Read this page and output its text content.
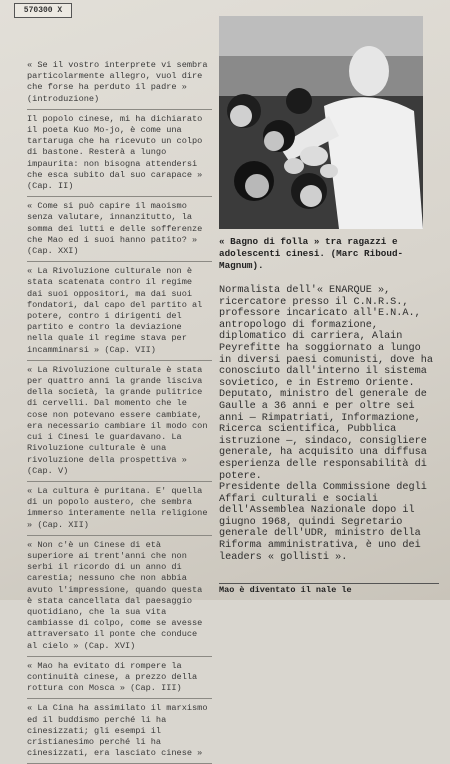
570300 X

« Se il vostro interprete vi sembra particolarmente allegro, vuol dire che forse ha perduto il padre » (introduzione)

Il popolo cinese, mi ha dichiarato il poeta Kuo Mo-jo, è come una tartaruga che ha ricevuto un colpo di bastone. Resterà a lungo impaurita: non bisogna attendersi che esca subito dal suo carapace » (Cap. II)

« Come si può capire il maoismo senza valutare, innanzitutto, la somma dei lutti e delle sofferenze che Mao ed i suoi hanno patito? » (Cap. XXI)

« La Rivoluzione culturale non è stata scatenata contro il regime dai suoi oppositori, ma dai suoi fondatori, dal capo del partito al potere, contro i dirigenti del partito e contro la deviazione nella quale il regime stava per incamminarsi » (Cap. VII)

« La Rivoluzione culturale è stata per quattro anni la grande lisciva della società, la grande pulitrice di cervelli. Dal momento che le cose non potevano essere cambiate, era necessario cambiare il modo con cui i Cinesi le guardavano. La Rivoluzione culturale è una rivoluzione della prospettiva » (Cap. V)

« La cultura è puritana. E' quella di un popolo austero, che sembra immerso interamente nella religione » (Cap. XII)

« Non c'è un Cinese di età superiore ai trent'anni che non serbi il ricordo di un anno di carestia; nessuno che non abbia avuto l'impressione, quando questa è stata cancellata dal paesaggio quotidiano, che la sua vita cambiasse di colpo, come se avesse attraversato il ponte che conduce al cielo » (Cap. XVI)

« Mao ha evitato di rompere la continuità cinese, a prezzo della rottura con Mosca » (Cap. III)

« La Cina ha assimilato il marxismo ed il buddismo perché li ha cinesizzati; gli esempi il cristianesimo perché li ha cinesizzati, era lasciato cinese »

« Bagno di folla » tra ragazzi e adolescenti cinesi. (Marc Riboud-Magnum).

Normalista dell'« ENARQUE », ricercatore presso il C.N.R.S., professore incaricato all'E.N.A., antropologo di formazione, diplomatico di carriera, Alain Peyrefitte ha soggiornato a lungo in diversi paesi comunisti, dove ha conosciuto dall'interno il sistema sovietico, e in Estremo Oriente.

Deputato, ministro del generale de Gaulle a 36 anni e per oltre sei anni — Rimpatriati, Informazione, Ricerca scientifica, Pubblica istruzione —, sindaco, consigliere generale, ha acquisito una diffusa esperienza delle responsabilità di potere.

Presidente della Commissione degli Affari culturali e sociali dell'Assemblea Nazionale dopo il giugno 1968, quindi Segretario generale dell'UDR, ministro della Riforma amministrativa, è uno dei leaders « gollisti ».

Mao è diventato il nale le
